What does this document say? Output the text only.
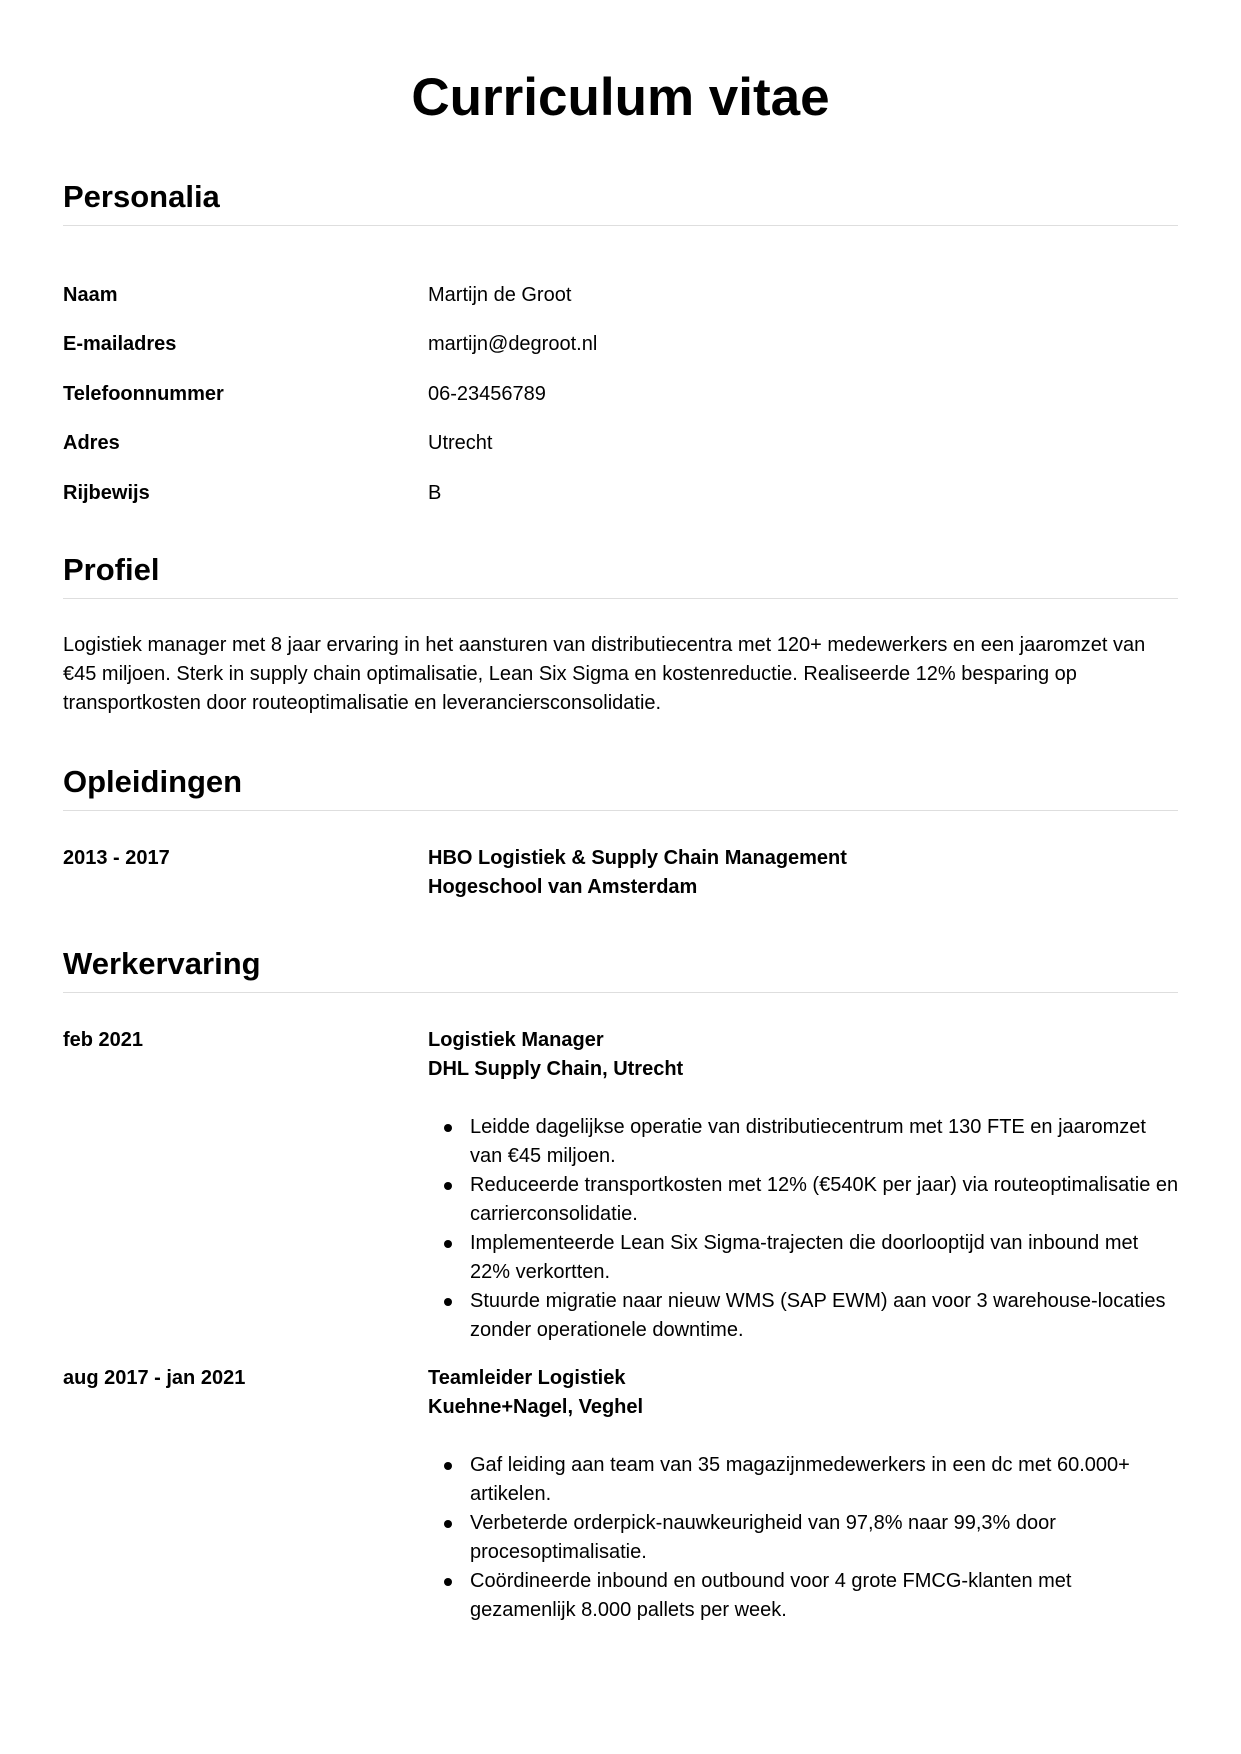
Curriculum vitae
Personalia
Naam	Martijn de Groot
E-mailadres	martijn@degroot.nl
Telefoonnummer	06-23456789
Adres	Utrecht
Rijbewijs	B
Profiel

Logistiek manager met 8 jaar ervaring in het aansturen van distributiecentra met 120+ medewerkers en een jaaromzet van €45 miljoen. Sterk in supply chain optimalisatie, Lean Six Sigma en kostenreductie. Realiseerde 12% besparing op transportkosten door routeoptimalisatie en leveranciersconsolidatie.

Opleidingen
2013 - 2017	HBO Logistiek & Supply Chain Management
Hogeschool van Amsterdam
Werkervaring
feb 2021	Logistiek Manager
DHL Supply Chain, Utrecht
Leidde dagelijkse operatie van distributiecentrum met 130 FTE en jaaromzet van €45 miljoen.
Reduceerde transportkosten met 12% (€540K per jaar) via routeoptimalisatie en carrierconsolidatie.
Implementeerde Lean Six Sigma-trajecten die doorlooptijd van inbound met 22% verkortten.
Stuurde migratie naar nieuw WMS (SAP EWM) aan voor 3 warehouse-locaties zonder operationele downtime.
aug 2017 - jan 2021	Teamleider Logistiek
Kuehne+Nagel, Veghel
Gaf leiding aan team van 35 magazijnmedewerkers in een dc met 60.000+ artikelen.
Verbeterde orderpick-nauwkeurigheid van 97,8% naar 99,3% door procesoptimalisatie.
Coördineerde inbound en outbound voor 4 grote FMCG-klanten met gezamenlijk 8.000 pallets per week.
